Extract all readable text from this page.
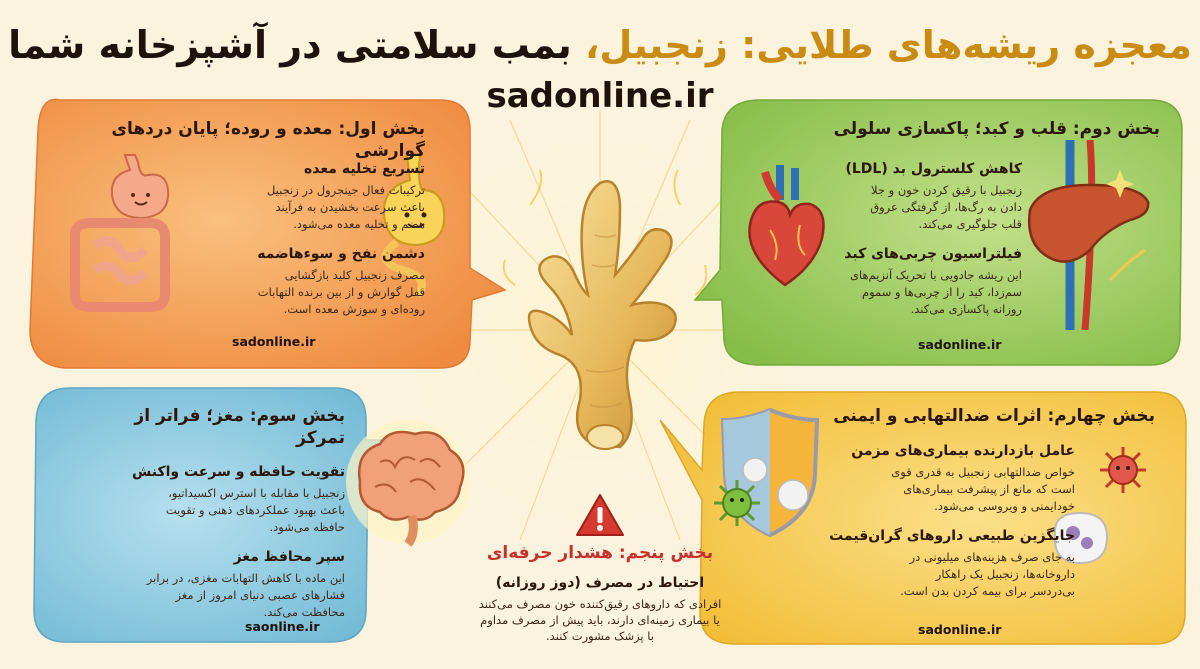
معجزه ریشه‌های طلایی: زنجبیل، بمب سلامتی در آشپزخانه شما
sadonline.ir
بخش اول: معده و روده؛ پایان دردهای گوارشی
تسریع تخلیه معده
ترکیبات فعال جینجرول در زنجبیل
باعث سرعت بخشیدن به فرآیند
هضم و تخلیه معده می‌شود.
دشمن نفخ و سوءهاضمه
مصرف زنجبیل کلید بازگشایی
قفل گوارش و از بین برنده التهابات
روده‌ای و سوزش معده است.
sadonline.ir
بخش دوم: قلب و کبد؛ پاکسازی سلولی
کاهش کلسترول بد (LDL)
زنجبیل با رقیق کردن خون و جلا
دادن به رگ‌ها، از گرفتگی عروق
قلب جلوگیری می‌کند.
فیلتراسیون چربی‌های کبد
این ریشه جادویی با تحریک آنزیم‌های
سم‌زدا، کبد را از چربی‌ها و سموم
روزانه پاکسازی می‌کند.
sadonline.ir
بخش سوم: مغز؛ فراتر از تمرکز
تقویت حافظه و سرعت واکنش
زنجبیل با مقابله با استرس اکسیداتیو،
باعث بهبود عملکردهای ذهنی و تقویت
حافظه می‌شود.
سپر محافظ مغز
این ماده با کاهش التهابات مغزی، در برابر
فشارهای عصبی دنیای امروز از مغز
محافظت می‌کند.
saonline.ir
بخش چهارم: اثرات ضدالتهابی و ایمنی
عامل بازدارنده بیماری‌های مزمن
خواص ضدالتهابی زنجبیل به قدری قوی
است که مانع از پیشرفت بیماری‌های
خودایمنی و ویروسی می‌شود.
جایگزین طبیعی داروهای گران‌قیمت
به جای صرف هزینه‌های میلیونی در
داروخانه‌ها، زنجبیل یک راهکار
بی‌دردسر برای بیمه کردن بدن است.
sadonline.ir
بخش پنجم: هشدار حرفه‌ای
احتیاط در مصرف (دوز روزانه)
افرادی که داروهای رقیق‌کننده خون مصرف می‌کنند
یا بیماری زمینه‌ای دارند، باید پیش از مصرف مداوم
با پزشک مشورت کنند.
